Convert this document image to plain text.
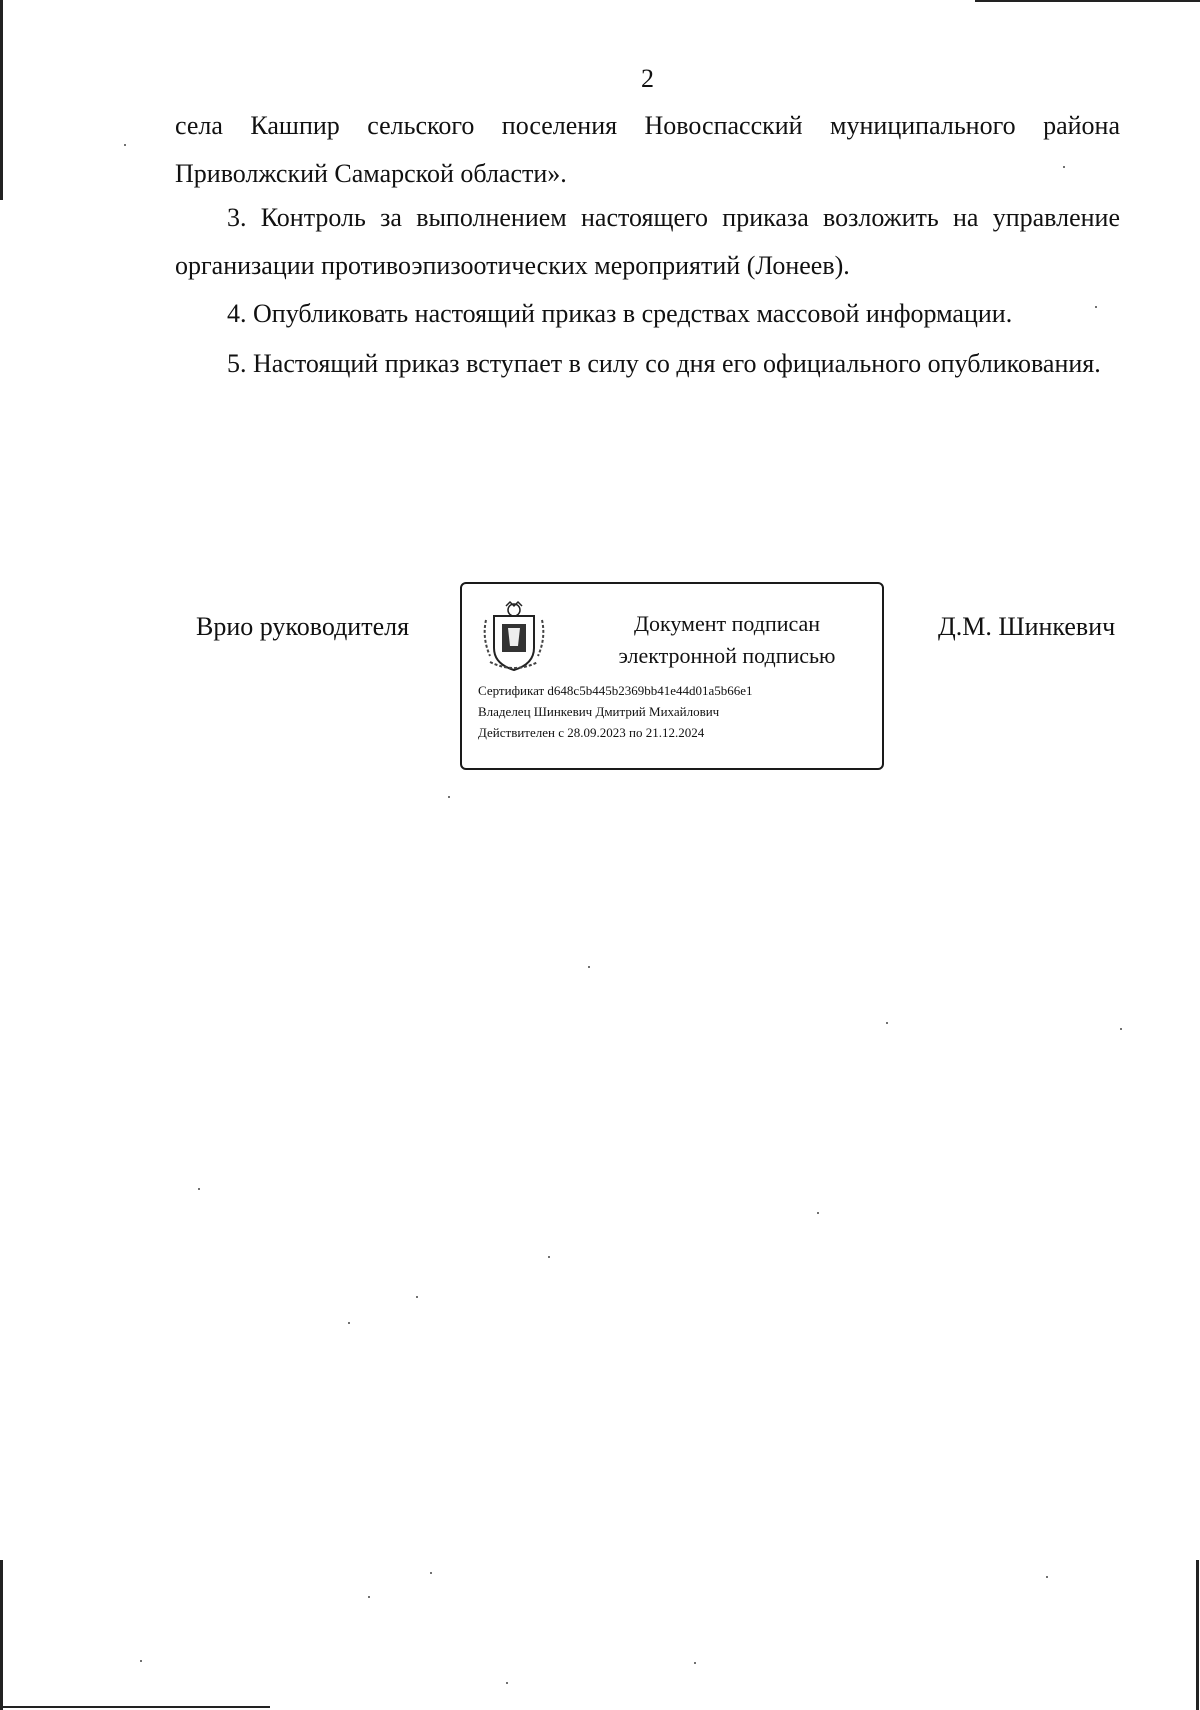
2
села Кашпир сельского поселения Новоспасский муниципального района Приволжский Самарской области».
3. Контроль за выполнением настоящего приказа возложить на управление организации противоэпизоотических мероприятий (Лонеев).
4. Опубликовать настоящий приказ в средствах массовой информации.
5. Настоящий приказ вступает в силу со дня его официального опубликования.
Врио руководителя	Документ подписан
электронной подписью
Сертификат d648c5b445b2369bb41e44d01a5b66e1
Владелец Шинкевич Дмитрий Михайлович
Действителен с 28.09.2023 по 21.12.2024
Д.М. Шинкевич
